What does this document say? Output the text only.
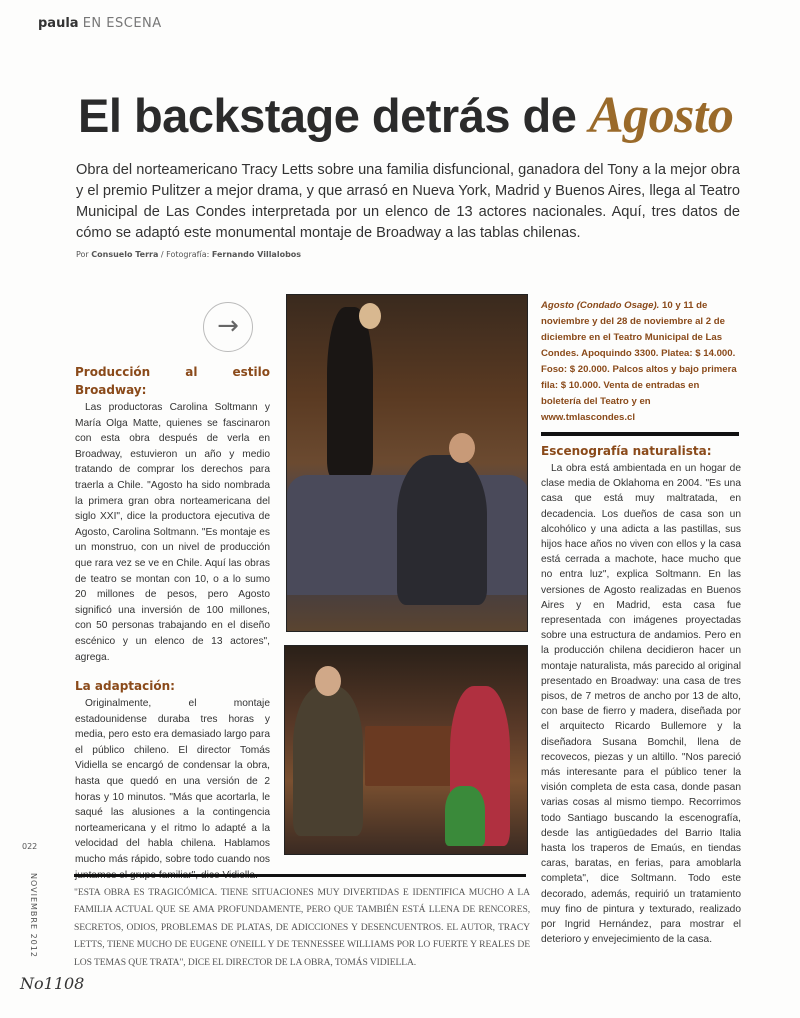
paula EN ESCENA
El backstage detrás de Agosto

Obra del norteamericano Tracy Letts sobre una familia disfuncional, ganadora del Tony a la mejor obra y el premio Pulitzer a mejor drama, y que arrasó en Nueva York, Madrid y Buenos Aires, llega al Teatro Municipal de Las Condes interpretada por un elenco de 13 actores nacionales. Aquí, tres datos de cómo se adaptó este monumental montaje de Broadway a las tablas chilenas.

Por Consuelo Terra / Fotografía: Fernando Villalobos
→
Producción al estilo Broadway:

Las productoras Carolina Soltmann y María Olga Matte, quienes se fascinaron con esta obra después de verla en Broadway, estuvieron un año y medio tratando de comprar los derechos para traerla a Chile. "Agosto ha sido nombrada la primera gran obra norteamericana del siglo XXI", dice la productora ejecutiva de Agosto, Carolina Soltmann. "Es montaje es un monstruo, con un nivel de producción que rara vez se ve en Chile. Aquí las obras de teatro se montan con 10, o a lo sumo 20 millones de pesos, pero Agosto significó una inversión de 100 millones, con 50 personas trabajando en el diseño escénico y un elenco de 13 actores", agrega.

La adaptación:

Originalmente, el montaje estadounidense duraba tres horas y media, pero esto era demasiado largo para el público chileno. El director Tomás Vidiella se encargó de condensar la obra, hasta que quedó en una versión de 2 horas y 10 minutos. "Más que acortarla, le saqué las alusiones a la contingencia norteamericana y el ritmo lo adapté a la velocidad del habla chilena. Hablamos mucho más rápido, sobre todo cuando nos

Agosto (Condado Osage). 10 y 11 de noviembre y del 28 de noviembre al 2 de diciembre en el Teatro Municipal de Las Condes. Apoquindo 3300. Platea: $ 14.000. Foso: $ 20.000. Palcos altos y bajo primera fila: $ 10.000. Venta de entradas en boletería del Teatro y en www.tmlascondes.cl
Escenografía naturalista:

La obra está ambientada en un hogar de clase media de Oklahoma en 2004. "Es una casa que está muy maltratada, en decadencia. Los dueños de casa son un alcohólico y una adicta a las pastillas, sus hijos hace años no viven con ellos y la casa está cerrada a machote, hace mucho que no entra luz", explica Soltmann. En las versiones de Agosto realizadas en Buenos Aires y en Madrid, esta casa fue representada con imágenes proyectadas sobre una estructura de andamios. Pero en la producción chilena decidieron hacer un montaje naturalista, más parecido al original presentado en Broadway: una casa de tres pisos, de 7 metros de ancho por 13 de alto, con base de fierro y madera, diseñada por el arquitecto Ricardo Bullemore y la diseñadora Susana Bomchil, llena de recovecos, piezas y un altillo. "Nos pareció más interesante para el público tener la visión completa de esta casa, donde pasan varias cosas al mismo tiempo. Recorrimos todo Santiago buscando la escenografía, desde las antigüedades del Barrio Italia hasta los traperos de Emaús, en tiendas caras, baratas, en ferias, para amoblarla completa", dice Soltmann. Todo este decorado, además, requirió un tratamiento muy fino de pintura y texturado, realizado por Ingrid Hernández, para mostrar el deterioro y envejecimiento de la casa.

"ESTA OBRA ES TRAGICÓMICA. TIENE SITUACIONES MUY DIVERTIDAS E IDENTIFICA MUCHO A LA FAMILIA ACTUAL QUE SE AMA PROFUNDAMENTE, PERO QUE TAMBIÉN ESTÁ LLENA DE RENCORES, SECRETOS, ODIOS, PROBLEMAS DE PLATAS, DE ADICCIONES Y DESENCUENTROS. EL AUTOR, TRACY LETTS, TIENE MUCHO DE EUGENE O'NEILL Y DE TENNESSEE WILLIAMS POR LO FUERTE Y REALES DE LOS TEMAS QUE TRATA", DICE EL DIRECTOR DE LA OBRA, TOMÁS VIDIELLA.

022
NOVIEMBRE 2012
No1108
